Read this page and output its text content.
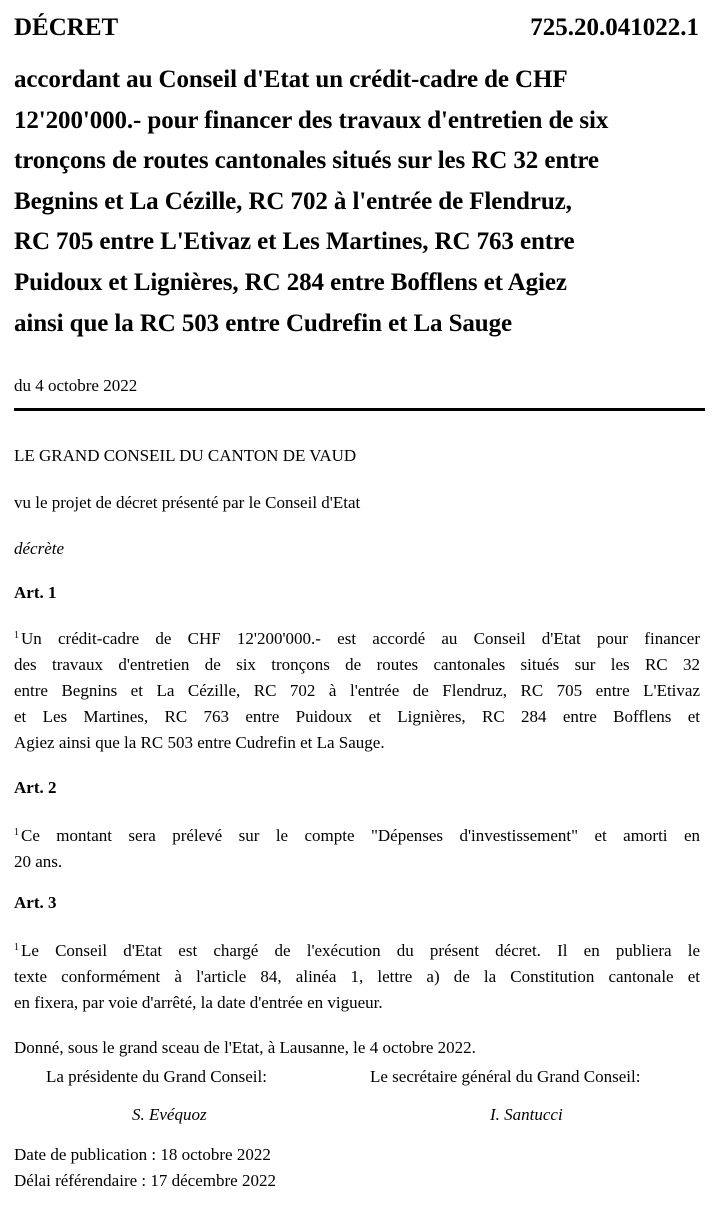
DÉCRET	725.20.041022.1
accordant au Conseil d'Etat un crédit-cadre de CHF
12'200'000.- pour financer des travaux d'entretien de six
tronçons de routes cantonales situés sur les RC 32 entre
Begnins et La Cézille, RC 702 à l'entrée de Flendruz,
RC 705 entre L'Etivaz et Les Martines, RC 763 entre
Puidoux et Lignières, RC 284 entre Bofflens et Agiez
ainsi que la RC 503 entre Cudrefin et La Sauge
du 4 octobre 2022
LE GRAND CONSEIL DU CANTON DE VAUD
vu le projet de décret présenté par le Conseil d'Etat
décrète
Art. 1
$^1$ Un crédit-cadre de CHF 12'200'000.- est accordé au Conseil d'Etat pour financer
des travaux d'entretien de six tronçons de routes cantonales situés sur les RC 32
entre Begnins et La Cézille, RC 702 à l'entrée de Flendruz, RC 705 entre L'Etivaz
et Les Martines, RC 763 entre Puidoux et Lignières, RC 284 entre Bofflens et
Agiez ainsi que la RC 503 entre Cudrefin et La Sauge.
Art. 2
$^1$ Ce montant sera prélevé sur le compte "Dépenses d'investissement" et amorti en
20 ans.
Art. 3
$^1$ Le Conseil d'Etat est chargé de l'exécution du présent décret. Il en publiera le
texte conformément à l'article 84, alinéa 1, lettre a) de la Constitution cantonale et
en fixera, par voie d'arrêté, la date d'entrée en vigueur.
Donné, sous le grand sceau de l'Etat, à Lausanne, le 4 octobre 2022.
La présidente du Grand Conseil:
S. Evéquoz
Le secrétaire général du Grand Conseil:
I. Santucci
Date de publication : 18 octobre 2022
Délai référendaire : 17 décembre 2022
